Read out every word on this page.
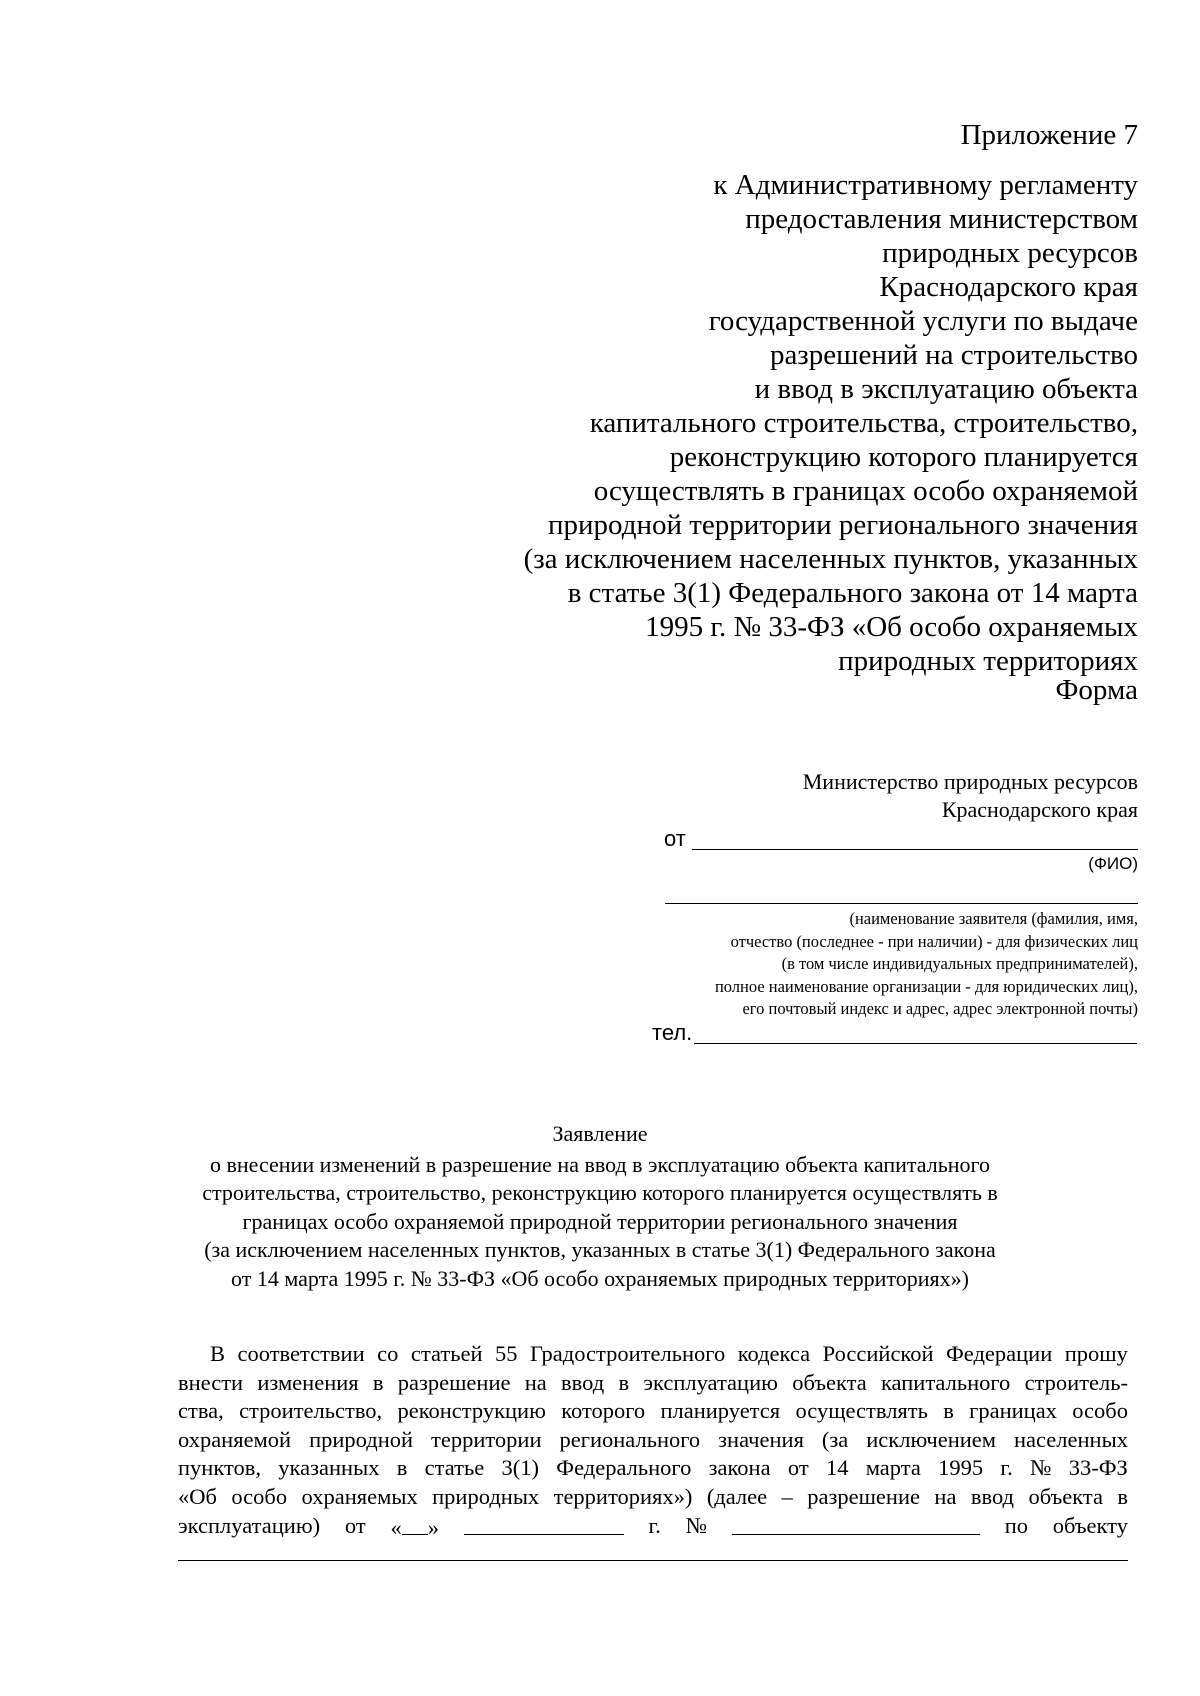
Приложение 7
к Административному регламенту
предоставления министерством
природных ресурсов
Краснодарского края
государственной услуги по выдаче
разрешений на строительство
и ввод в эксплуатацию объекта
капитального строительства, строительство,
реконструкцию которого планируется
осуществлять в границах особо охраняемой
природной территории регионального значения
(за исключением населенных пунктов, указанных
в статье 3(1) Федерального закона от 14 марта
1995 г. № 33-ФЗ «Об особо охраняемых
природных территориях
Форма
Министерство природных ресурсов
Краснодарского края
от
(ФИО)
(наименование заявителя (фамилия, имя,
отчество (последнее - при наличии) - для физических лиц
(в том числе индивидуальных предпринимателей),
полное наименование организации - для юридических лиц),
его почтовый индекс и адрес, адрес электронной почты)
тел.
Заявление
о внесении изменений в разрешение на ввод в эксплуатацию объекта капитального
строительства, строительство, реконструкцию которого планируется осуществлять в
границах особо охраняемой природной территории регионального значения
(за исключением населенных пунктов, указанных в статье 3(1) Федерального закона
от 14 марта 1995 г. № 33-ФЗ «Об особо охраняемых природных территориях»)
В соответствии со статьей 55 Градостроительного кодекса Российской Федерации прошу
внести изменения в разрешение на ввод в эксплуатацию объекта капитального строитель-
ства, строительство, реконструкцию которого планируется осуществлять в границах особо
охраняемой природной территории регионального значения (за исключением населенных
пунктов, указанных в статье 3(1) Федерального закона от 14 марта 1995 г. № 33-ФЗ
«Об особо охраняемых природных территориях») (далее – разрешение на ввод объекта в
эксплуатацию) от « »	г. №	по объекту
